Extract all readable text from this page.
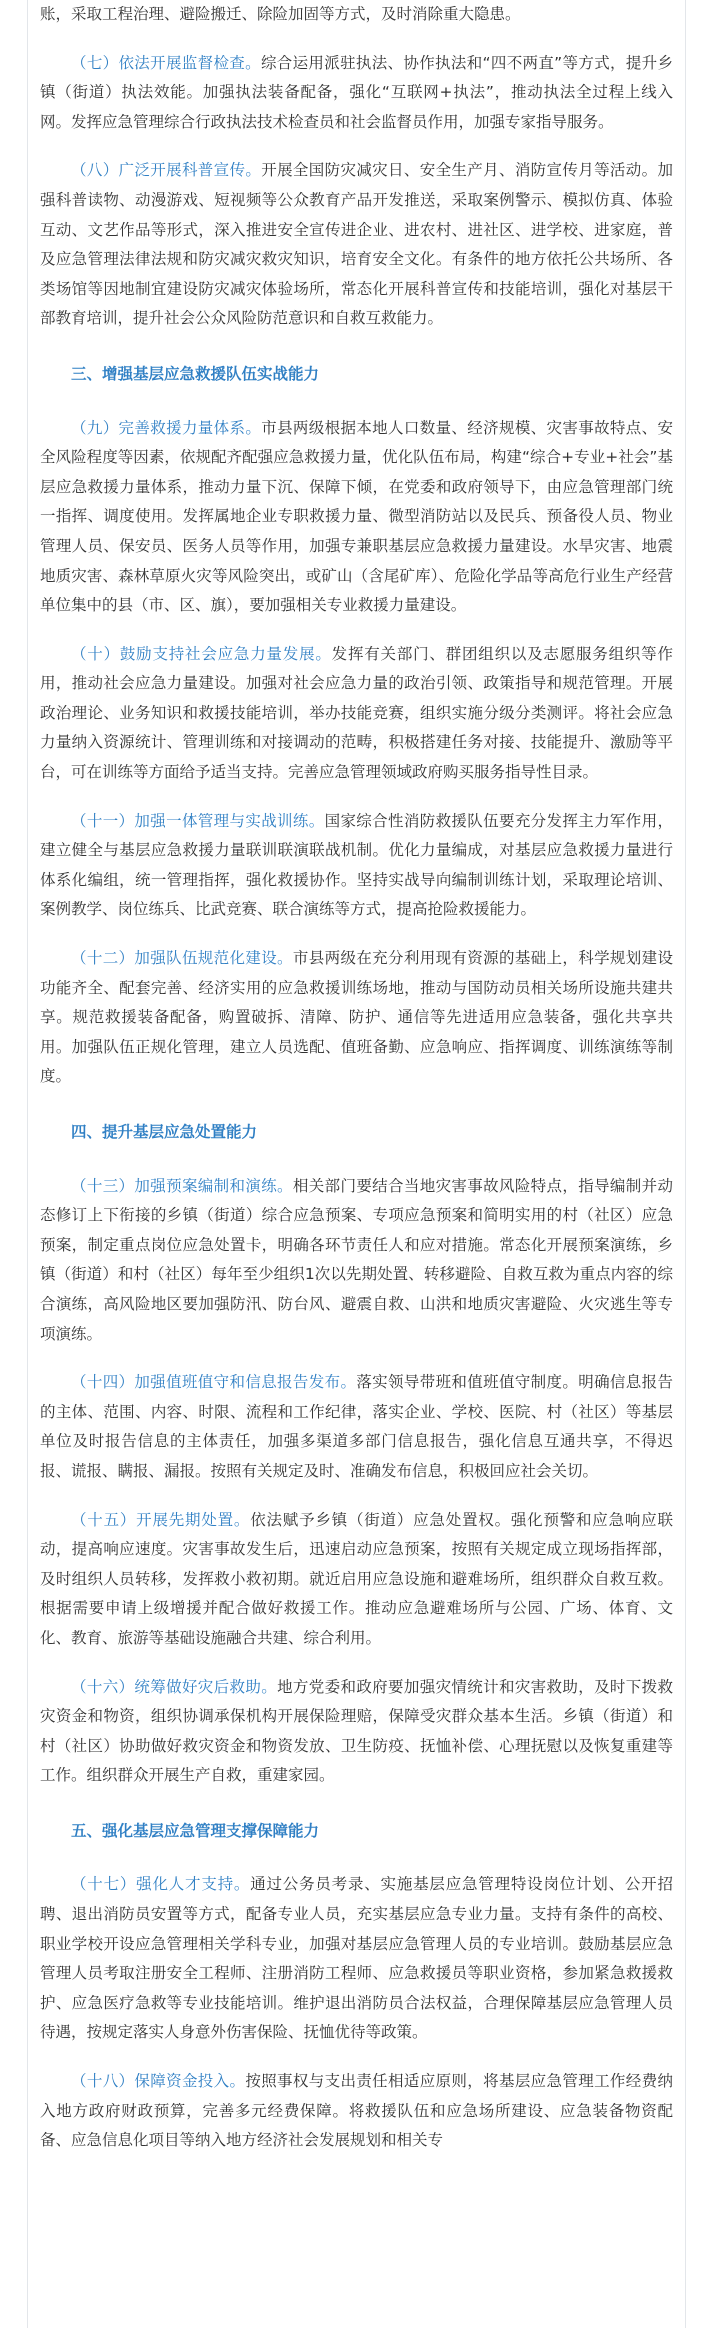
账，采取工程治理、避险搬迁、除险加固等方式，及时消除重大隐患。

（七）依法开展监督检查。综合运用派驻执法、协作执法和“四不两直”等方式，提升乡镇（街道）执法效能。加强执法装备配备，强化“互联网+执法”，推动执法全过程上线入网。发挥应急管理综合行政执法技术检查员和社会监督员作用，加强专家指导服务。

（八）广泛开展科普宣传。开展全国防灾减灾日、安全生产月、消防宣传月等活动。加强科普读物、动漫游戏、短视频等公众教育产品开发推送，采取案例警示、模拟仿真、体验互动、文艺作品等形式，深入推进安全宣传进企业、进农村、进社区、进学校、进家庭，普及应急管理法律法规和防灾减灾救灾知识，培育安全文化。有条件的地方依托公共场所、各类场馆等因地制宜建设防灾减灾体验场所，常态化开展科普宣传和技能培训，强化对基层干部教育培训，提升社会公众风险防范意识和自救互救能力。

三、增强基层应急救援队伍实战能力

（九）完善救援力量体系。市县两级根据本地人口数量、经济规模、灾害事故特点、安全风险程度等因素，依规配齐配强应急救援力量，优化队伍布局，构建“综合+专业+社会”基层应急救援力量体系，推动力量下沉、保障下倾，在党委和政府领导下，由应急管理部门统一指挥、调度使用。发挥属地企业专职救援力量、微型消防站以及民兵、预备役人员、物业管理人员、保安员、医务人员等作用，加强专兼职基层应急救援力量建设。水旱灾害、地震地质灾害、森林草原火灾等风险突出，或矿山（含尾矿库）、危险化学品等高危行业生产经营单位集中的县（市、区、旗），要加强相关专业救援力量建设。

（十）鼓励支持社会应急力量发展。发挥有关部门、群团组织以及志愿服务组织等作用，推动社会应急力量建设。加强对社会应急力量的政治引领、政策指导和规范管理。开展政治理论、业务知识和救援技能培训，举办技能竞赛，组织实施分级分类测评。将社会应急力量纳入资源统计、管理训练和对接调动的范畴，积极搭建任务对接、技能提升、激励等平台，可在训练等方面给予适当支持。完善应急管理领域政府购买服务指导性目录。

（十一）加强一体管理与实战训练。国家综合性消防救援队伍要充分发挥主力军作用，建立健全与基层应急救援力量联训联演联战机制。优化力量编成，对基层应急救援力量进行体系化编组，统一管理指挥，强化救援协作。坚持实战导向编制训练计划，采取理论培训、案例教学、岗位练兵、比武竞赛、联合演练等方式，提高抢险救援能力。

（十二）加强队伍规范化建设。市县两级在充分利用现有资源的基础上，科学规划建设功能齐全、配套完善、经济实用的应急救援训练场地，推动与国防动员相关场所设施共建共享。规范救援装备配备，购置破拆、清障、防护、通信等先进适用应急装备，强化共享共用。加强队伍正规化管理，建立人员选配、值班备勤、应急响应、指挥调度、训练演练等制度。

四、提升基层应急处置能力

（十三）加强预案编制和演练。相关部门要结合当地灾害事故风险特点，指导编制并动态修订上下衔接的乡镇（街道）综合应急预案、专项应急预案和简明实用的村（社区）应急预案，制定重点岗位应急处置卡，明确各环节责任人和应对措施。常态化开展预案演练，乡镇（街道）和村（社区）每年至少组织1次以先期处置、转移避险、自救互救为重点内容的综合演练，高风险地区要加强防汛、防台风、避震自救、山洪和地质灾害避险、火灾逃生等专项演练。

（十四）加强值班值守和信息报告发布。落实领导带班和值班值守制度。明确信息报告的主体、范围、内容、时限、流程和工作纪律，落实企业、学校、医院、村（社区）等基层单位及时报告信息的主体责任，加强多渠道多部门信息报告，强化信息互通共享，不得迟报、谎报、瞒报、漏报。按照有关规定及时、准确发布信息，积极回应社会关切。

（十五）开展先期处置。依法赋予乡镇（街道）应急处置权。强化预警和应急响应联动，提高响应速度。灾害事故发生后，迅速启动应急预案，按照有关规定成立现场指挥部，及时组织人员转移，发挥救小救初期。就近启用应急设施和避难场所，组织群众自救互救。根据需要申请上级增援并配合做好救援工作。推动应急避难场所与公园、广场、体育、文化、教育、旅游等基础设施融合共建、综合利用。

（十六）统筹做好灾后救助。地方党委和政府要加强灾情统计和灾害救助，及时下拨救灾资金和物资，组织协调承保机构开展保险理赔，保障受灾群众基本生活。乡镇（街道）和村（社区）协助做好救灾资金和物资发放、卫生防疫、抚恤补偿、心理抚慰以及恢复重建等工作。组织群众开展生产自救，重建家园。

五、强化基层应急管理支撑保障能力

（十七）强化人才支持。通过公务员考录、实施基层应急管理特设岗位计划、公开招聘、退出消防员安置等方式，配备专业人员，充实基层应急专业力量。支持有条件的高校、职业学校开设应急管理相关学科专业，加强对基层应急管理人员的专业培训。鼓励基层应急管理人员考取注册安全工程师、注册消防工程师、应急救援员等职业资格，参加紧急救援救护、应急医疗急救等专业技能培训。维护退出消防员合法权益，合理保障基层应急管理人员待遇，按规定落实人身意外伤害保险、抚恤优待等政策。

（十八）保障资金投入。按照事权与支出责任相适应原则，将基层应急管理工作经费纳入地方政府财政预算，完善多元经费保障。将救援队伍和应急场所建设、应急装备物资配备、应急信息化项目等纳入地方经济社会发展规划和相关专
